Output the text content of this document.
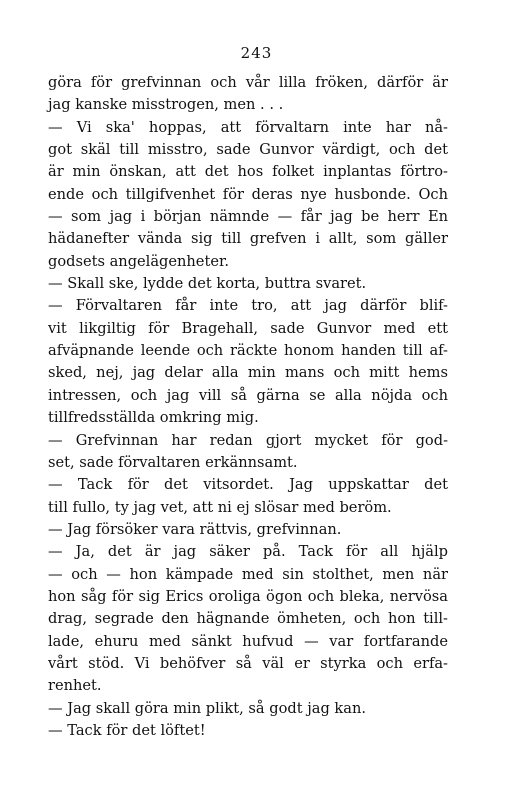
243
göra för grefvinnan och vår lilla fröken, därför är
jag kanske misstrogen, men . . .
— Vi ska' hoppas, att förvaltarn inte har nå-
got skäl till misstro, sade Gunvor värdigt, och det
är min önskan, att det hos folket inplantas förtro-
ende och tillgifvenhet för deras nye husbonde. Och
— som jag i början nämnde — får jag be herr En
hädanefter vända sig till grefven i allt, som gäller
godsets angelägenheter.
— Skall ske, lydde det korta, buttra svaret.
— Förvaltaren får inte tro, att jag därför blif-
vit likgiltig för Bragehall, sade Gunvor med ett
afväpnande leende och räckte honom handen till af-
sked, nej, jag delar alla min mans och mitt hems
intressen, och jag vill så gärna se alla nöjda och
tillfredsställda omkring mig.
— Grefvinnan har redan gjort mycket för god-
set, sade förvaltaren erkännsamt.
— Tack för det vitsordet. Jag uppskattar det
till fullo, ty jag vet, att ni ej slösar med beröm.
— Jag försöker vara rättvis, grefvinnan.
— Ja, det är jag säker på. Tack för all hjälp
— och — hon kämpade med sin stolthet, men när
hon såg för sig Erics oroliga ögon och bleka, nervösa
drag, segrade den hägnande ömheten, och hon till-
lade, ehuru med sänkt hufvud — var fortfarande
vårt stöd. Vi behöfver så väl er styrka och erfa-
renhet.
— Jag skall göra min plikt, så godt jag kan.
— Tack för det löftet!
